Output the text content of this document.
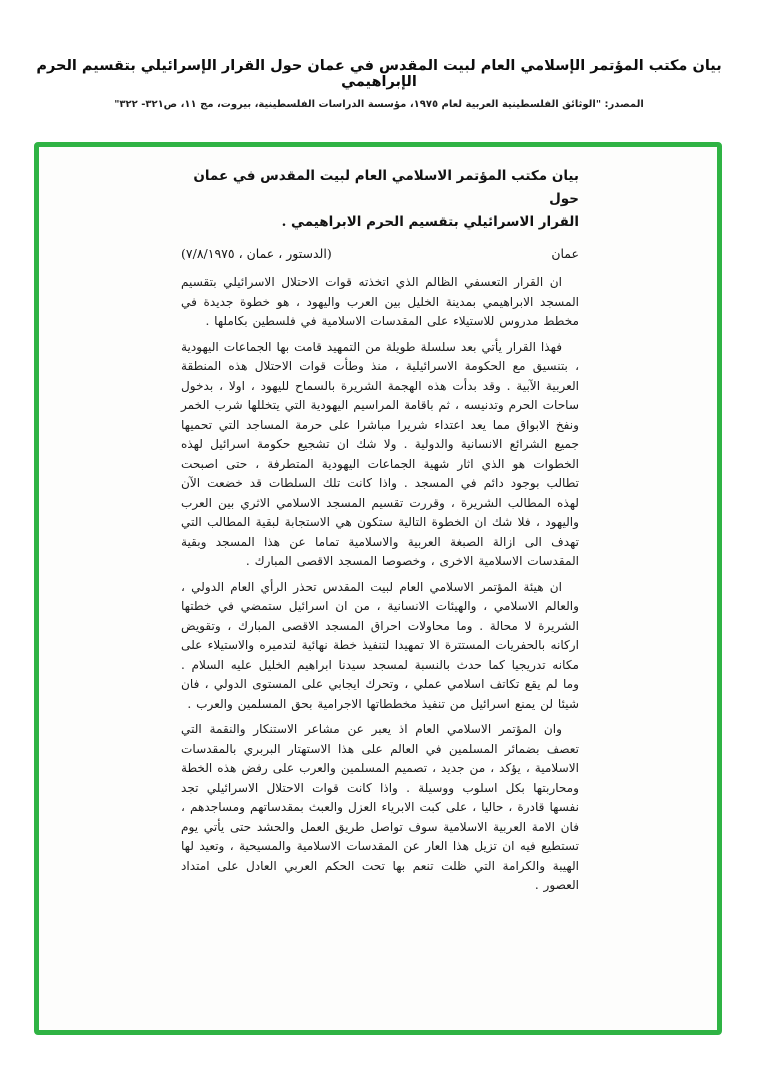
بيان مكتب المؤتمر الإسلامي العام لبيت المقدس في عمان حول القرار الإسرائيلي بتقسيم الحرم الإبراهيمي
المصدر: "الوثائق الفلسطينية العربية لعام ١٩٧٥، مؤسسة الدراسات الفلسطينية، بيروت، مج ١١، ص٣٢١- ٣٢٢"
بيان مكتب المؤتمر الاسلامي العام لبيت المقدس في عمان حول
القرار الاسرائيلي بتقسيم الحرم الابراهيمي .
عمان
(الدستور ، عمان ، ٧/٨/١٩٧٥)

ان القرار التعسفي الظالم الذي اتخذته قوات الاحتلال الاسرائيلي بتقسيم المسجد الابراهيمي بمدينة الخليل بين العرب واليهود ، هو خطوة جديدة في مخطط مدروس للاستيلاء على المقدسات الاسلامية في فلسطين بكاملها .

فهذا القرار يأتي بعد سلسلة طويلة من التمهيد قامت بها الجماعات اليهودية ، بتنسيق مع الحكومة الاسرائيلية ، منذ وطأت قوات الاحتلال هذه المنطقة العربية الآبية . وقد بدأت هذه الهجمة الشريرة بالسماح لليهود ، اولا ، بدخول ساحات الحرم وتدنيسه ، ثم باقامة المراسيم اليهودية التي يتخللها شرب الخمر ونفخ الابواق مما يعد اعتداء شريرا مباشرا على حرمة المساجد التي تحميها جميع الشرائع الانسانية والدولية . ولا شك ان تشجيع حكومة اسرائيل لهذه الخطوات هو الذي اثار شهية الجماعات اليهودية المتطرفة ، حتى اصبحت تطالب بوجود دائم في المسجد . واذا كانت تلك السلطات قد خضعت الآن لهذه المطالب الشريرة ، وقررت تقسيم المسجد الاسلامي الاثري بين العرب واليهود ، فلا شك ان الخطوة التالية ستكون هي الاستجابة لبقية المطالب التي تهدف الى ازالة الصبغة العربية والاسلامية تماما عن هذا المسجد وبقية المقدسات الاسلامية الاخرى ، وخصوصا المسجد الاقصى المبارك .

ان هيئة المؤتمر الاسلامي العام لبيت المقدس تحذر الرأي العام الدولي ، والعالم الاسلامي ، والهيئات الانسانية ، من ان اسرائيل ستمضي في خطتها الشريرة لا محالة . وما محاولات احراق المسجد الاقصى المبارك ، وتقويض اركانه بالحفريات المستترة الا تمهيدا لتنفيذ خطة نهائية لتدميره والاستيلاء على مكانه تدريجيا كما حدث بالنسبة لمسجد سيدنا ابراهيم الخليل عليه السلام . وما لم يقع تكاتف اسلامي عملي ، وتحرك ايجابي على المستوى الدولي ، فان شيئا لن يمنع اسرائيل من تنفيذ مخططاتها الاجرامية بحق المسلمين والعرب .

وان المؤتمر الاسلامي العام اذ يعبر عن مشاعر الاستنكار والنقمة التي تعصف بضمائر المسلمين في العالم على هذا الاستهتار البربري بالمقدسات الاسلامية ، يؤكد ، من جديد ، تصميم المسلمين والعرب على رفض هذه الخطة ومحاربتها بكل اسلوب ووسيلة . واذا كانت قوات الاحتلال الاسرائيلي تجد نفسها قادرة ، حاليا ، على كبت الابرياء العزل والعبث بمقدساتهم ومساجدهم ، فان الامة العربية الاسلامية سوف تواصل طريق العمل والحشد حتى يأتي يوم تستطيع فيه ان تزيل هذا العار عن المقدسات الاسلامية والمسيحية ، وتعيد لها الهيبة والكرامة التي ظلت تنعم بها تحت الحكم العربي العادل على امتداد العصور .
